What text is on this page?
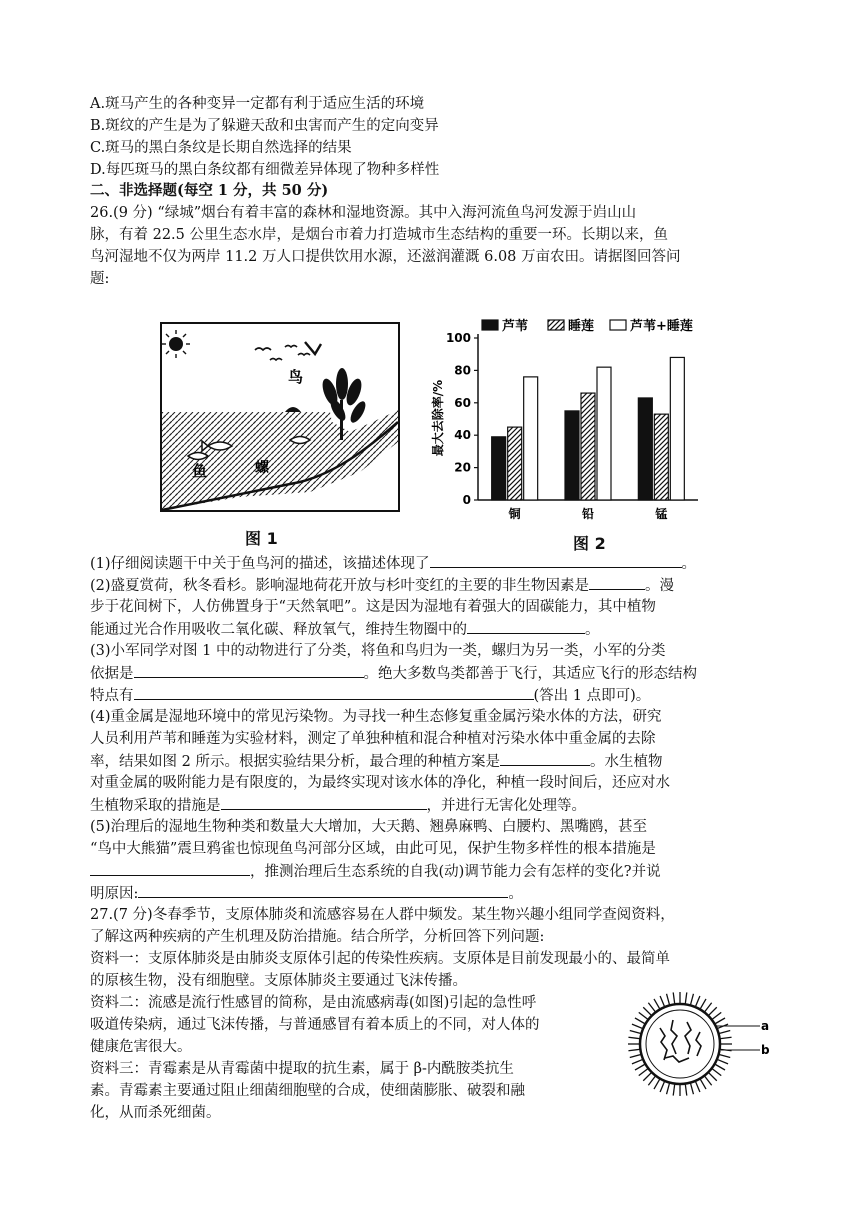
A.斑马产生的各种变异一定都有利于适应生活的环境
B.斑纹的产生是为了躲避天敌和虫害而产生的定向变异
C.斑马的黑白条纹是长期自然选择的结果
D.每匹斑马的黑白条纹都有细微差异体现了物种多样性
二、非选择题(每空 1 分，共 50 分)
26.(9 分) “绿城”烟台有着丰富的森林和湿地资源。其中入海河流鱼鸟河发源于岿山山
脉，有着 22.5 公里生态水岸，是烟台市着力打造城市生态结构的重要一环。长期以来，鱼
鸟河湿地不仅为两岸 11.2 万人口提供饮用水源，还滋润灌溉 6.08 万亩农田。请据图回答问
题:
鸟
鱼	螺
图 1
芦苇	睡莲	芦苇+睡莲
最大去除率/%
0
20
40
60
80
100
铜	铅	锰
图 2
(1)仔细阅读题干中关于鱼鸟河的描述，该描述体现了	。
(2)盛夏赏荷，秋冬看杉。影响湿地荷花开放与杉叶变红的主要的非生物因素是	。漫
步于花间树下，人仿佛置身于“天然氧吧”。这是因为湿地有着强大的固碳能力，其中植物
能通过光合作用吸收二氧化碳、释放氧气，维持生物圈中的	。
(3)小军同学对图 1 中的动物进行了分类，将鱼和鸟归为一类，螺归为另一类，小军的分类
依据是	。绝大多数鸟类都善于飞行，其适应飞行的形态结构
特点有	(答出 1 点即可)。
(4)重金属是湿地环境中的常见污染物。为寻找一种生态修复重金属污染水体的方法，研究
人员利用芦苇和睡莲为实验材料，测定了单独种植和混合种植对污染水体中重金属的去除
率，结果如图 2 所示。根据实验结果分析，最合理的种植方案是	。水生植物
对重金属的吸附能力是有限度的，为最终实现对该水体的净化，种植一段时间后，还应对水
生植物采取的措施是	，并进行无害化处理等。
(5)治理后的湿地生物种类和数量大大增加，大天鹅、翘鼻麻鸭、白腰杓、黑嘴鸥，甚至
“鸟中大熊猫”震旦鸦雀也惊现鱼鸟河部分区域，由此可见，保护生物多样性的根本措施是
，推测治理后生态系统的自我(动)调节能力会有怎样的变化?并说
明原因:	。
27.(7 分)冬春季节，支原体肺炎和流感容易在人群中频发。某生物兴趣小组同学查阅资料，
了解这两种疾病的产生机理及防治措施。结合所学，分析回答下列问题:
资料一：支原体肺炎是由肺炎支原体引起的传染性疾病。支原体是目前发现最小的、最简单
的原核生物，没有细胞壁。支原体肺炎主要通过飞沫传播。
资料二：流感是流行性感冒的简称，是由流感病毒(如图)引起的急性呼
吸道传染病，通过飞沫传播，与普通感冒有着本质上的不同，对人体的
健康危害很大。
资料三：青霉素是从青霉菌中提取的抗生素，属于 β-内酰胺类抗生
素。青霉素主要通过阻止细菌细胞壁的合成，使细菌膨胀、破裂和融
化，从而杀死细菌。
a
b
